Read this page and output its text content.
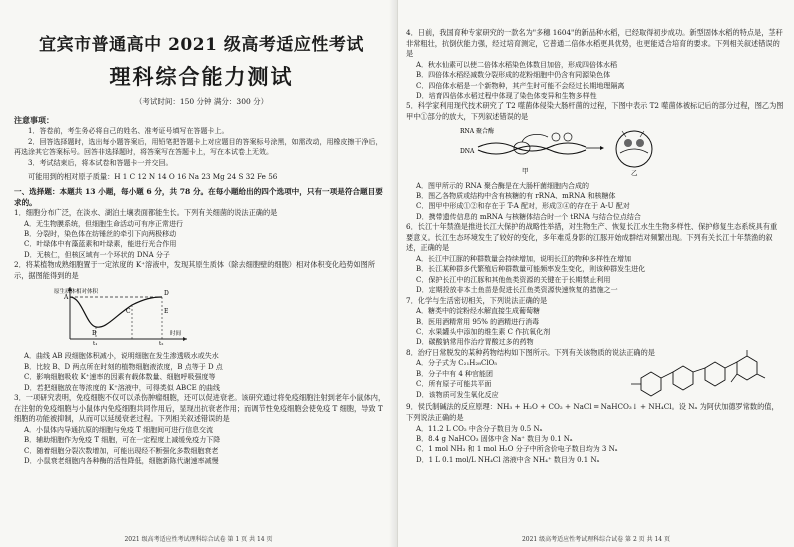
宜宾市普通高中 2021 级高考适应性考试
理科综合能力测试
（考试时间：150 分钟 满分：300 分）
注意事项：
1．答卷前，考生务必将自己的姓名、准考证号填写在答题卡上。
2．回答选择题时，选出每小题答案后，用铅笔把答题卡上对应题目的答案标号涂黑，如需改动，用橡皮擦干净后，再选涂其它答案标号。回答非选择题时，将答案写在答题卡上，写在本试卷上无效。
3．考试结束后，将本试卷和答题卡一并交回。
可能用到的相对原子质量：H 1 C 12 N 14 O 16 Na 23 Mg 24 S 32 Fe 56
一、选择题：本题共 13 小题，每小题 6 分，共 78 分。在每小题给出的四个选项中，只有一项是符合题目要求的。
1．细胞分布广泛，在淡水、湖泊土壤表面都能生长。下列有关细菌的说法正确的是
A．无生物膜系统，但细胞生命活动可有序正常进行
B．分裂时，染色体在纺锤丝的牵引下向两极移动
C．叶绿体中有藻蓝素和叶绿素，能进行光合作用
D．无核仁，但核区域有一个环状的 DNA 分子
2．将某植物成熟细胞置于一定浓度的 K⁺溶液中，发现其原生质体（除去细胞壁的细胞）相对体积变化趋势如图所示，据图能得到的是
原生质体相对体积
A
B
C
D
E
t₁	t₂
时间
A．曲线 AB 段细胞体积减小，说明细胞在发生渗透吸水或失水
B．比较 B、D 两点所在时刻的植物细胞液浓度，B 点等于 D 点
C．影响细胞吸收 K⁺速率的因素有载体数量、细胞呼吸强度等
D．若把细胞放在等浓度的 K⁺溶液中，可得类似 ABCE 的曲线
3．一项研究表明，免疫细胞不仅可以杀伤肿瘤细胞，还可以促进衰老。该研究通过将免疫细胞注射到老年小鼠体内，在注射的免疫细胞与小鼠体内免疫细胞共同作用后，显现出抗衰老作用；而调节性免疫细胞会使免疫 T 细胞，导致 T 细胞的功能被抑制，从而可以延缓衰老过程。下列相关叙述错误的是
A．小鼠体内导通抗原的细胞与免疫 T 细胞间可进行信息交流
B．辅助细胞作为免疫 T 细胞，可在一定程度上减缓免疫力下降
C．随着细胞分裂次数增加，可能出现经不断强化多数细胞衰老
D．小鼠衰老细胞内各种酶的活性降低，细胞新陈代谢速率减慢
2021 级高考适应性考试理科综合试卷 第 1 页 共 14 页
4．日前，我国育种专家研究的一款名为"多穗 1604"的新品种水稻，已经取得初步成功。新型固体水稻的特点是，茎秆非常粗壮，抗倒伏能力强，经过培育测定，它普通二倍体水稻更具优势，也更能适合培育的要求。下列相关叙述错误的是
A．秋水仙素可以使二倍体水稻染色体数目加倍，形成四倍体水稻
B．四倍体水稻经减数分裂形成的花粉细胞中仍含有同源染色体
C．四倍体水稻是一个新物种，其产生时可能不会经过长期地理隔离
D．培育四倍体水稻过程中体现了染色体变异和生物多样性
5．科学家利用现代技术研究了 T2 噬菌体侵染大肠杆菌的过程，下图中表示 T2 噬菌体被标记后的部分过程，图乙为图甲中①部分的放大，下列叙述错误的是
RNA 聚合酶
DNA
甲	乙
A．图甲所示的 RNA 聚合酶是在大肠杆菌细胞内合成的
B．图乙各物质或结构中含有核糖的有 rRNA、mRNA 和核糖体
C．图甲中形成①②和存在于 T-A 配对，形成③④的存在于 A-U 配对
D．携带遗传信息的 mRNA 与核糖体结合时一个 tRNA 与结合位点结合
6．长江十年禁渔是推进长江大保护的战略性举措，对生物生产、恢复长江水生生物多样性、保护修复生态系统具有重要意义。长江生态环境发生了较好的变化，多年难觅身影的江豚开始成群结对频繁出现。下列有关长江十年禁渔的叙述，正确的是
A．长江中江豚的种群数量会持续增加，说明长江的物种多样性在增加
B．长江某种群多代繁殖后种群数量可能频率发生变化，则该种群发生进化
C．保护长江中的江豚和其他鱼类资源的关键在于长期禁止利用
D．定期投放非本土鱼苗是促进长江鱼类资源快速恢复的措施之一
7．化学与生活密切相关，下列说法正确的是
A．糖类中的淀粉经水解直接生成葡萄糖
B．医用酒精常用 95% 的酒精进行消毒
C．水果罐头中添加的维生素 C 作抗氧化剂
D．碳酸钠常用作治疗胃酸过多的药物
8．治疗日常脱发的某种药物结构如下图所示。下列有关该物质的说法正确的是
A．分子式为 C₂₁H₂₈ClO₅
B．分子中有 4 种官能团
C．所有原子可能共平面
D．该物质可发生氧化反应
9．侯氏制碱法的反应原理：NH₃ + H₂O + CO₂ + NaCl ═ NaHCO₃↓ + NH₄Cl。设 Nₐ 为阿伏加德罗常数的值，下列说法正确的是
A．11.2 L CO₂ 中含分子数目为 0.5 Nₐ
B．8.4 g NaHCO₃ 固体中含 Na⁺ 数目为 0.1 Nₐ
C．1 mol NH₃ 和 1 mol H₂O 分子中所含价电子数目均为 3 Nₐ
D．1 L 0.1 mol/L NH₄Cl 溶液中含 NH₄⁺ 数目为 0.1 Nₐ
2021 级高考适应性考试理科综合试卷 第 2 页 共 14 页
